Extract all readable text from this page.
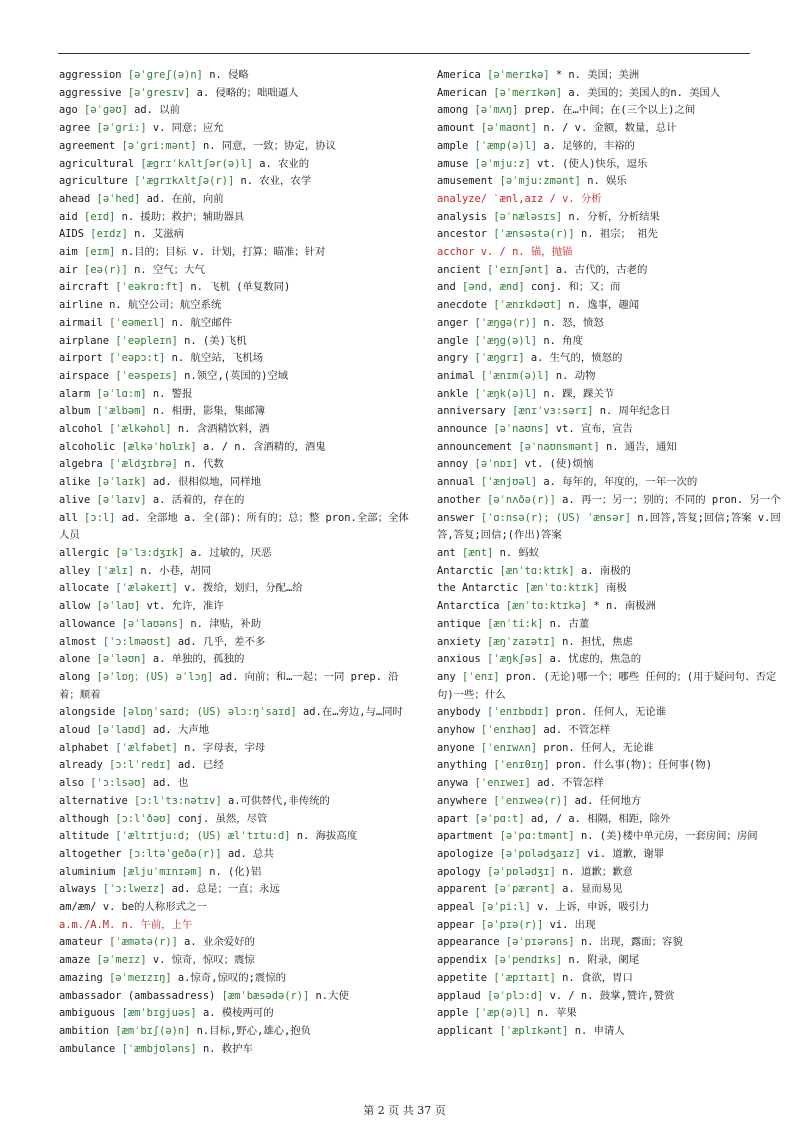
aggression [ əˈgreʃ(ə)n ] n. 侵略
aggressive [ əˈgresɪv ] a. 侵略的；咄咄逼人
ago [ əˈgəʊ ] ad. 以前
agree [ əˈgri: ] v. 同意；应允
agreement [ əˈgri:mənt ] n. 同意，一致；协定，协议
agricultural [ ægrɪˈkʌltʃər(ə)l ] a. 农业的
agriculture [ ˈægrɪkʌltʃə(r) ] n. 农业，农学
ahead [ əˈhed ] ad. 在前，向前
aid [ eɪd ] n. 援助；救护；辅助器具
AIDS [ eɪdz ] n. 艾滋病
aim [ eɪm ] n.目的；目标 v. 计划，打算；瞄准；针对
air [ eə(r) ] n. 空气；大气
aircraft [ ˈeəkrɑ:ft ] n. 飞机 (单复数同)
airline n. 航空公司；航空系统
airmail [ ˈeəmeɪl ] n. 航空邮件
airplane [ ˈeəpleɪn ] n. (美)飞机
airport [ ˈeəpɔ:t ] n. 航空站，飞机场
airspace [ ˈeəspeɪs ] n.领空,(英国的)空域
alarm [ əˈlɑ:m ] n. 警报
album [ ˈælbəm ] n. 相册，影集，集邮簿
alcohol [ ˈælkəhɒl ] n. 含酒精饮料，酒
alcoholic [ ælkəˈhɒlɪk ] a. / n. 含酒精的，酒鬼
algebra [ ˈældʒɪbrə ] n. 代数
alike [ əˈlaɪk ] ad. 很相似地，同样地
alive [ əˈlaɪv ] a. 活着的，存在的
all [ ɔ:l ] ad. 全部地 a. 全(部)；所有的；总；整 pron.全部；全体人员
allergic [ əˈlɜ:dʒɪk ] a. 过敏的，厌恶
alley [ ˈælɪ ] n. 小巷，胡同
allocate [ ˈæləkeɪt ] v. 拨给，划归，分配…给
allow [ əˈlaʊ ] vt. 允许，准许
allowance [ əˈlaʊəns ] n. 津贴，补助
almost [ ˈɔ:lməʊst ] ad. 几乎，差不多
alone [ əˈləʊn ] a. 单独的，孤独的
along [ əˈlɒŋ；(US) əˈlɔŋ ] ad. 向前；和…一起；一同 prep. 沿着；顺着
alongside [ əlɒŋˈsaɪd; (US) əlɔ:ŋˈsaɪd ] ad.在…旁边,与…同时
aloud [ əˈlaʊd ] ad. 大声地
alphabet [ ˈælfəbet ] n. 字母表，字母
already [ ɔ:lˈredɪ ] ad. 已经
also [ ˈɔ:lsəʊ ] ad. 也
alternative [ ɔ:lˈtɜ:nətɪv ] a.可供替代,非传统的
although [ ɔ:lˈðəʊ ] conj. 虽然，尽管
altitude [ ˈæltɪtju:d; (US) ælˈtɪtu:d ] n. 海拔高度
altogether [ ɔ:ltəˈgeðə(r) ] ad. 总共
aluminium [ æljuˈmɪnɪəm ] n. (化)铝
always [ ˈɔ:lweɪz ] ad. 总是；一直；永远
am/æm/ v. be的人称形式之一
a.m./A.M. n. 午前，上午
amateur [ ˈæmətə(r) ] a. 业余爱好的
amaze [ əˈmeɪz ] v. 惊奇，惊叹；震惊
amazing [ əˈmeɪzɪŋ ] a.惊奇,惊叹的;震惊的
ambassador (ambassadress) [ æmˈbæsədə(r) ] n.大使
ambiguous [ æmˈbɪgjuəs ] a. 模棱两可的
ambition [ æmˈbɪʃ(ə)n ] n.目标,野心,雄心,抱负
ambulance [ ˈæmbjʊləns ] n. 救护车
America [ əˈmerɪkə ] * n. 美国；美洲
American [ əˈmerɪkən ] a. 美国的；美国人的n. 美国人
among [ əˈmʌŋ ] prep. 在…中间；在(三个以上)之间
amount [ əˈmaʊnt ] n. / v. 金额，数量，总计
ample [ ˈæmp(ə)l ] a. 足够的，丰裕的
amuse [ əˈmju:z ] vt. (使人)快乐，逗乐
amusement [ əˈmju:zmənt ] n. 娱乐
analyze/ ˋænl,aɪz / v. 分析
analysis [ əˈnæləsɪs ] n. 分析，分析结果
ancestor [ ˈænsəstə(r) ] n. 祖宗； 祖先
acchor v. / n. 锚，抛锚
ancient [ ˈeɪnʃənt ] a. 古代的，古老的
and [ ənd, ænd ] conj. 和；又；而
anecdote [ ˈænɪkdəʊt ] n. 逸事，趣闻
anger [ ˈæŋgə(r) ] n. 怒，愤怒
angle [ ˈæŋg(ə)l ] n. 角度
angry [ ˈæŋgrɪ ] a. 生气的，愤怒的
animal [ ˈænɪm(ə)l ] n. 动物
ankle [ ˈæŋk(ə)l ] n. 踝，踝关节
anniversary [ ænɪˈvɜ:sərɪ ] n. 周年纪念日
announce [ əˈnaʊns ] vt. 宣布，宣告
announcement [ əˈnaʊnsmənt ] n. 通告，通知
annoy [ əˈnɒɪ ] vt. (使)烦恼
annual [ ˈænjʊəl ] a. 每年的，年度的，一年一次的
another [ əˈnʌðə(r) ] a. 再一；另一；别的；不同的 pron. 另一个
answer [ ˈɑ:nsə(r); (US) ˈænsər ] n.回答,答复;回信;答案 v.回答,答复;回信;(作出)答案
ant [ ænt ] n. 蚂蚁
Antarctic [ ænˈtɑ:ktɪk ] a. 南极的
the Antarctic [ ænˈtɑ:ktɪk ] 南极
Antarctica [ ænˈtɑ:ktɪkə ] * n. 南极洲
antique [ ænˈti:k ] n. 古董
anxiety [ æŋˈzaɪətɪ ] n. 担忧，焦虑
anxious [ ˈæŋkʃəs ] a. 忧虑的，焦急的
any [ ˈenɪ ] pron. (无论)哪一个；哪些 任何的；(用于疑问句、否定句)一些；什么
anybody [ ˈenɪbɒdɪ ] pron. 任何人，无论谁
anyhow [ ˈenɪhaʊ ] ad. 不管怎样
anyone [ ˈenɪwʌn ] pron. 任何人，无论谁
anything [ ˈenɪθɪŋ ] pron. 什么事(物)；任何事(物)
anywa [ ˈenɪweɪ ] ad. 不管怎样
anywhere [ ˈenɪweə(r) ] ad. 任何地方
apart [ əˈpɑ:t ] ad, / a. 相隔，相距，除外
apartment [ əˈpɑ:tmənt ] n. (美)楼中单元房，一套房间；房间
apologize [ əˈpɒlədʒaɪz ] vi. 道歉，谢罪
apology [ əˈpɒlədʒɪ ] n. 道歉；歉意
apparent [ əˈpærənt ] a. 显而易见
appeal [ əˈpi:l ] v. 上诉，申诉，吸引力
appear [ əˈpɪə(r) ] vi. 出现
appearance [ əˈpɪərəns ] n. 出现，露面；容貌
appendix [ əˈpendɪks ] n. 附录，阑尾
appetite [ ˈæpɪtaɪt ] n. 食欲，胃口
applaud [ əˈplɔ:d ] v. / n. 鼓掌,赞许,赞赏
apple [ ˈæp(ə)l ] n. 苹果
applicant [ ˈæplɪkənt ] n. 申请人
第 2 页 共 37 页
